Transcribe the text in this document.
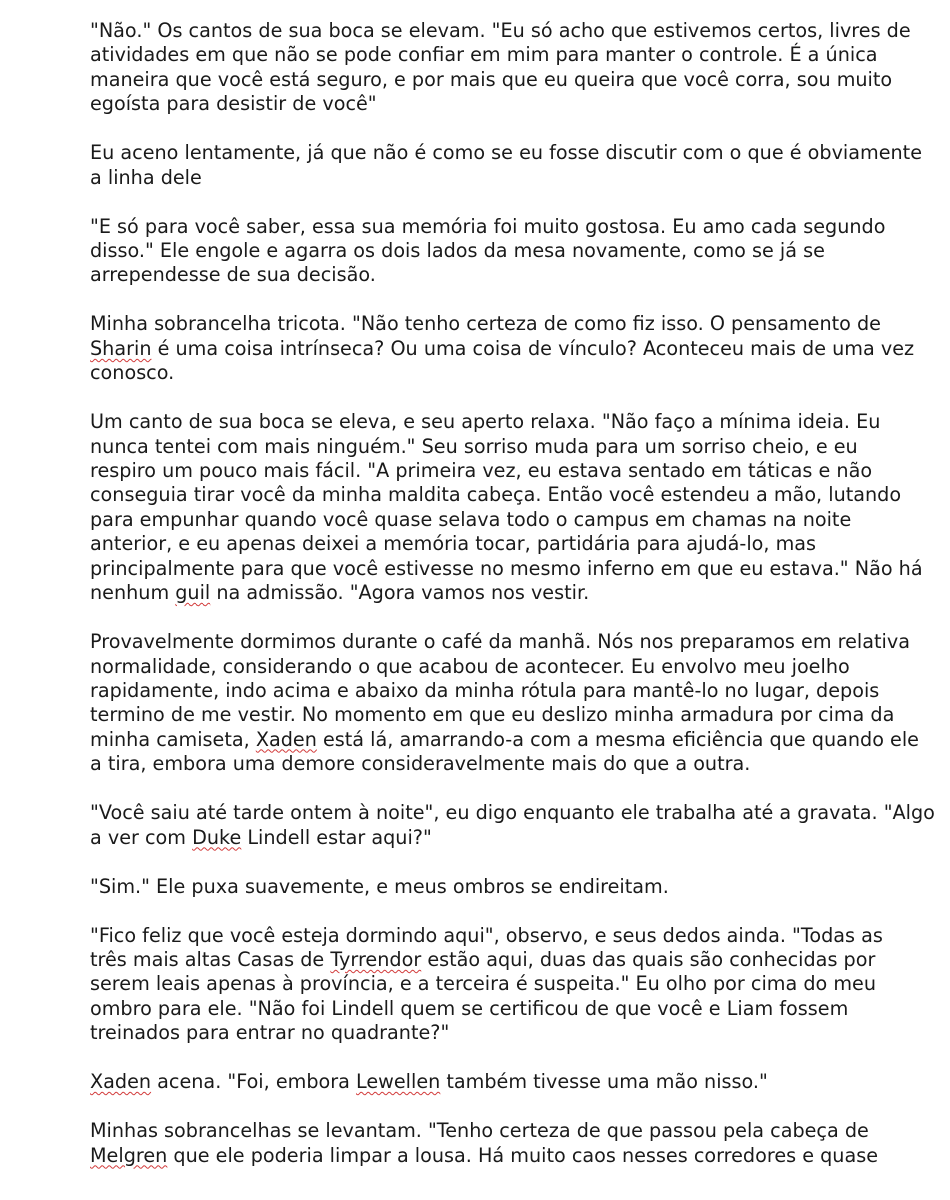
"Não." Os cantos de sua boca se elevam. "Eu só acho que estivemos certos, livres de
atividades em que não se pode confiar em mim para manter o controle. É a única
maneira que você está seguro, e por mais que eu queira que você corra, sou muito
egoísta para desistir de você"

Eu aceno lentamente, já que não é como se eu fosse discutir com o que é obviamente
a linha dele

"E só para você saber, essa sua memória foi muito gostosa. Eu amo cada segundo
disso." Ele engole e agarra os dois lados da mesa novamente, como se já se
arrependesse de sua decisão.

Minha sobrancelha tricota. "Não tenho certeza de como fiz isso. O pensamento de
Sharin é uma coisa intrínseca? Ou uma coisa de vínculo? Aconteceu mais de uma vez
conosco.

Um canto de sua boca se eleva, e seu aperto relaxa. "Não faço a mínima ideia. Eu
nunca tentei com mais ninguém." Seu sorriso muda para um sorriso cheio, e eu
respiro um pouco mais fácil. "A primeira vez, eu estava sentado em táticas e não
conseguia tirar você da minha maldita cabeça. Então você estendeu a mão, lutando
para empunhar quando você quase selava todo o campus em chamas na noite
anterior, e eu apenas deixei a memória tocar, partidária para ajudá-lo, mas
principalmente para que você estivesse no mesmo inferno em que eu estava." Não há
nenhum guil na admissão. "Agora vamos nos vestir.

Provavelmente dormimos durante o café da manhã. Nós nos preparamos em relativa
normalidade, considerando o que acabou de acontecer. Eu envolvo meu joelho
rapidamente, indo acima e abaixo da minha rótula para mantê-lo no lugar, depois
termino de me vestir. No momento em que eu deslizo minha armadura por cima da
minha camiseta, Xaden está lá, amarrando-a com a mesma eficiência que quando ele
a tira, embora uma demore consideravelmente mais do que a outra.

"Você saiu até tarde ontem à noite", eu digo enquanto ele trabalha até a gravata. "Algo
a ver com Duke Lindell estar aqui?"

"Sim." Ele puxa suavemente, e meus ombros se endireitam.

"Fico feliz que você esteja dormindo aqui", observo, e seus dedos ainda. "Todas as
três mais altas Casas de Tyrrendor estão aqui, duas das quais são conhecidas por
serem leais apenas à província, e a terceira é suspeita." Eu olho por cima do meu
ombro para ele. "Não foi Lindell quem se certificou de que você e Liam fossem
treinados para entrar no quadrante?"

Xaden acena. "Foi, embora Lewellen também tivesse uma mão nisso."

Minhas sobrancelhas se levantam. "Tenho certeza de que passou pela cabeça de
Melgren que ele poderia limpar a lousa. Há muito caos nesses corredores e quase
